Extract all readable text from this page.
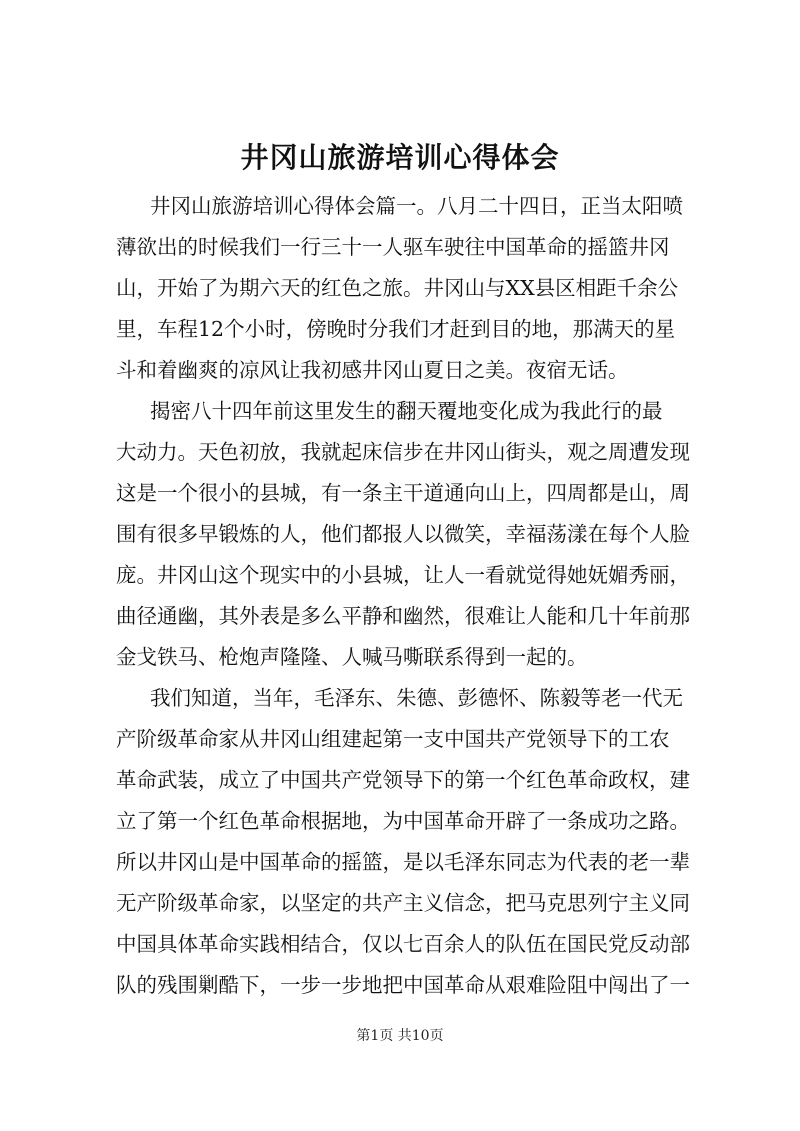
井冈山旅游培训心得体会
井冈山旅游培训心得体会篇一。八月二十四日，正当太阳喷
薄欲出的时候我们一行三十一人驱车驶往中国革命的摇篮井冈
山，开始了为期六天的红色之旅。井冈山与XX县区相距千余公
里，车程12个小时，傍晚时分我们才赶到目的地，那满天的星
斗和着幽爽的凉风让我初感井冈山夏日之美。夜宿无话。
揭密八十四年前这里发生的翻天覆地变化成为我此行的最
大动力。天色初放，我就起床信步在井冈山街头，观之周遭发现
这是一个很小的县城，有一条主干道通向山上，四周都是山，周
围有很多早锻炼的人，他们都报人以微笑，幸福荡漾在每个人脸
庞。井冈山这个现实中的小县城，让人一看就觉得她妩媚秀丽，
曲径通幽，其外表是多么平静和幽然，很难让人能和几十年前那
金戈铁马、枪炮声隆隆、人喊马嘶联系得到一起的。
我们知道，当年，毛泽东、朱德、彭德怀、陈毅等老一代无
产阶级革命家从井冈山组建起第一支中国共产党领导下的工农
革命武装，成立了中国共产党领导下的第一个红色革命政权，建
立了第一个红色革命根据地，为中国革命开辟了一条成功之路。
所以井冈山是中国革命的摇篮，是以毛泽东同志为代表的老一辈
无产阶级革命家，以坚定的共产主义信念，把马克思列宁主义同
中国具体革命实践相结合，仅以七百余人的队伍在国民党反动部
队的残围剿酷下，一步一步地把中国革命从艰难险阻中闯出了一
第1页 共10页
